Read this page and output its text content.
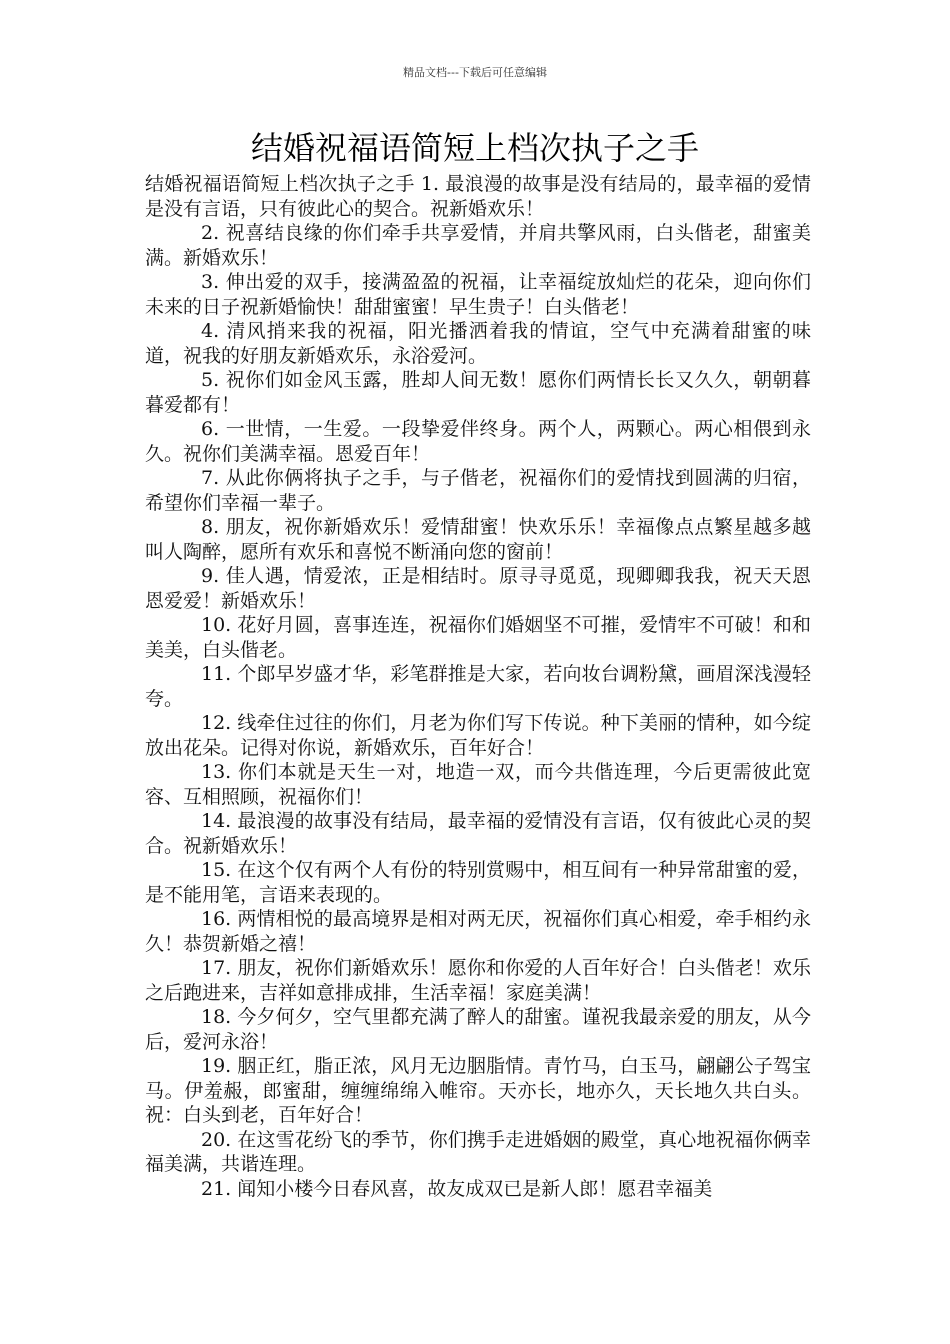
精品文档---下载后可任意编辑
结婚祝福语简短上档次执子之手

结婚祝福语简短上档次执子之手 1. 最浪漫的故事是没有结局的，最幸福的爱情是没有言语，只有彼此心的契合。祝新婚欢乐！

2. 祝喜结良缘的你们牵手共享爱情，并肩共擎风雨，白头偕老，甜蜜美满。新婚欢乐！

3. 伸出爱的双手，接满盈盈的祝福，让幸福绽放灿烂的花朵，迎向你们未来的日子祝新婚愉快！甜甜蜜蜜！早生贵子！白头偕老！

4. 清风捎来我的祝福，阳光播洒着我的情谊，空气中充满着甜蜜的味道，祝我的好朋友新婚欢乐，永浴爱河。

5. 祝你们如金风玉露，胜却人间无数！愿你们两情长长又久久，朝朝暮暮爱都有！

6. 一世情，一生爱。一段挚爱伴终身。两个人，两颗心。两心相偎到永久。祝你们美满幸福。恩爱百年！

7. 从此你俩将执子之手，与子偕老，祝福你们的爱情找到圆满的归宿，希望你们幸福一辈子。

8. 朋友，祝你新婚欢乐！爱情甜蜜！快欢乐乐！幸福像点点繁星越多越叫人陶醉，愿所有欢乐和喜悦不断涌向您的窗前！

9. 佳人遇，情爱浓，正是相结时。原寻寻觅觅，现卿卿我我，祝天天恩恩爱爱！新婚欢乐！

10. 花好月圆，喜事连连，祝福你们婚姻坚不可摧，爱情牢不可破！和和美美，白头偕老。

11. 个郎早岁盛才华，彩笔群推是大家，若向妆台调粉黛，画眉深浅漫轻夸。

12. 线牵住过往的你们，月老为你们写下传说。种下美丽的情种，如今绽放出花朵。记得对你说，新婚欢乐，百年好合！

13. 你们本就是天生一对，地造一双，而今共偕连理，今后更需彼此宽容、互相照顾，祝福你们！

14. 最浪漫的故事没有结局，最幸福的爱情没有言语，仅有彼此心灵的契合。祝新婚欢乐！

15. 在这个仅有两个人有份的特别赏赐中，相互间有一种异常甜蜜的爱，是不能用笔，言语来表现的。

16. 两情相悦的最高境界是相对两无厌，祝福你们真心相爱，牵手相约永久！恭贺新婚之禧！

17. 朋友，祝你们新婚欢乐！愿你和你爱的人百年好合！白头偕老！欢乐之后跑进来，吉祥如意排成排，生活幸福！家庭美满！

18. 今夕何夕，空气里都充满了醉人的甜蜜。谨祝我最亲爱的朋友，从今后，爱河永浴！

19. 胭正红，脂正浓，风月无边胭脂情。青竹马，白玉马，翩翩公子驾宝马。伊羞赧，郎蜜甜，缠缠绵绵入帷帘。天亦长，地亦久，天长地久共白头。祝：白头到老，百年好合！

20. 在这雪花纷飞的季节，你们携手走进婚姻的殿堂，真心地祝福你俩幸福美满，共谐连理。

21. 闻知小楼今日春风喜，故友成双已是新人郎！愿君幸福美
